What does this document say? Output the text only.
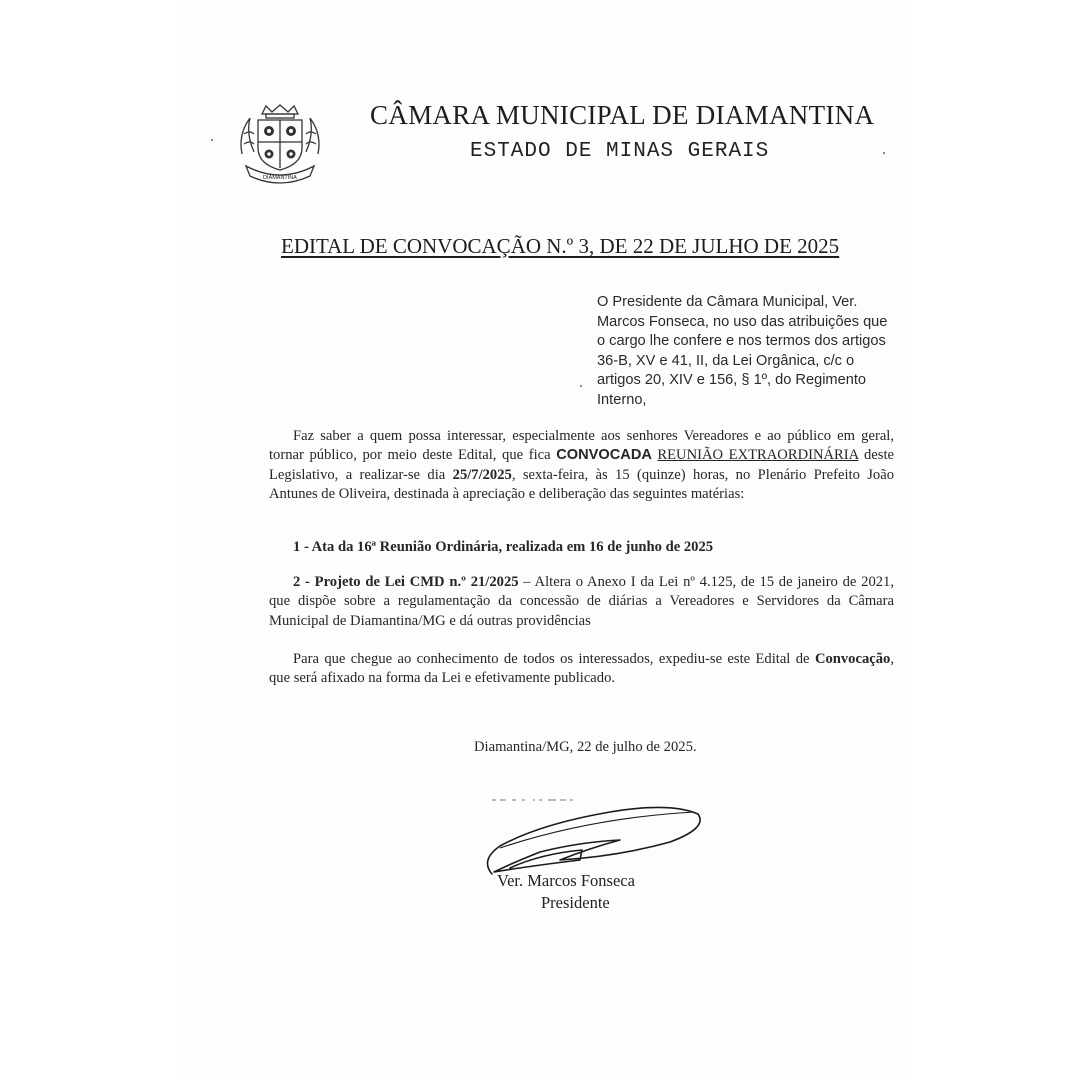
DIAMANTINA
CÂMARA MUNICIPAL DE DIAMANTINA
ESTADO DE MINAS GERAIS
EDITAL DE CONVOCAÇÃO N.º 3, DE 22 DE JULHO DE 2025
O Presidente da Câmara Municipal, Ver.
Marcos Fonseca, no uso das atribuições que
o cargo lhe confere e nos termos dos artigos
36-B, XV e 41, II, da Lei Orgânica, c/c o
artigos 20, XIV e 156, § 1º, do Regimento
Interno,
Faz saber a quem possa interessar, especialmente aos senhores Vereadores e ao público em geral, tornar público, por meio deste Edital, que fica CONVOCADA REUNIÃO EXTRAORDINÁRIA deste Legislativo, a realizar-se dia 25/7/2025, sexta-feira, às 15 (quinze) horas, no Plenário Prefeito João Antunes de Oliveira, destinada à apreciação e deliberação das seguintes matérias:
1 - Ata da 16ª Reunião Ordinária, realizada em 16 de junho de 2025
2 - Projeto de Lei CMD n.º 21/2025 – Altera o Anexo I da Lei nº 4.125, de 15 de janeiro de 2021, que dispõe sobre a regulamentação da concessão de diárias a Vereadores e Servidores da Câmara Municipal de Diamantina/MG e dá outras providências
Para que chegue ao conhecimento de todos os interessados, expediu-se este Edital de Convocação, que será afixado na forma da Lei e efetivamente publicado.
Diamantina/MG, 22 de julho de 2025.
Ver. Marcos Fonseca
Presidente
